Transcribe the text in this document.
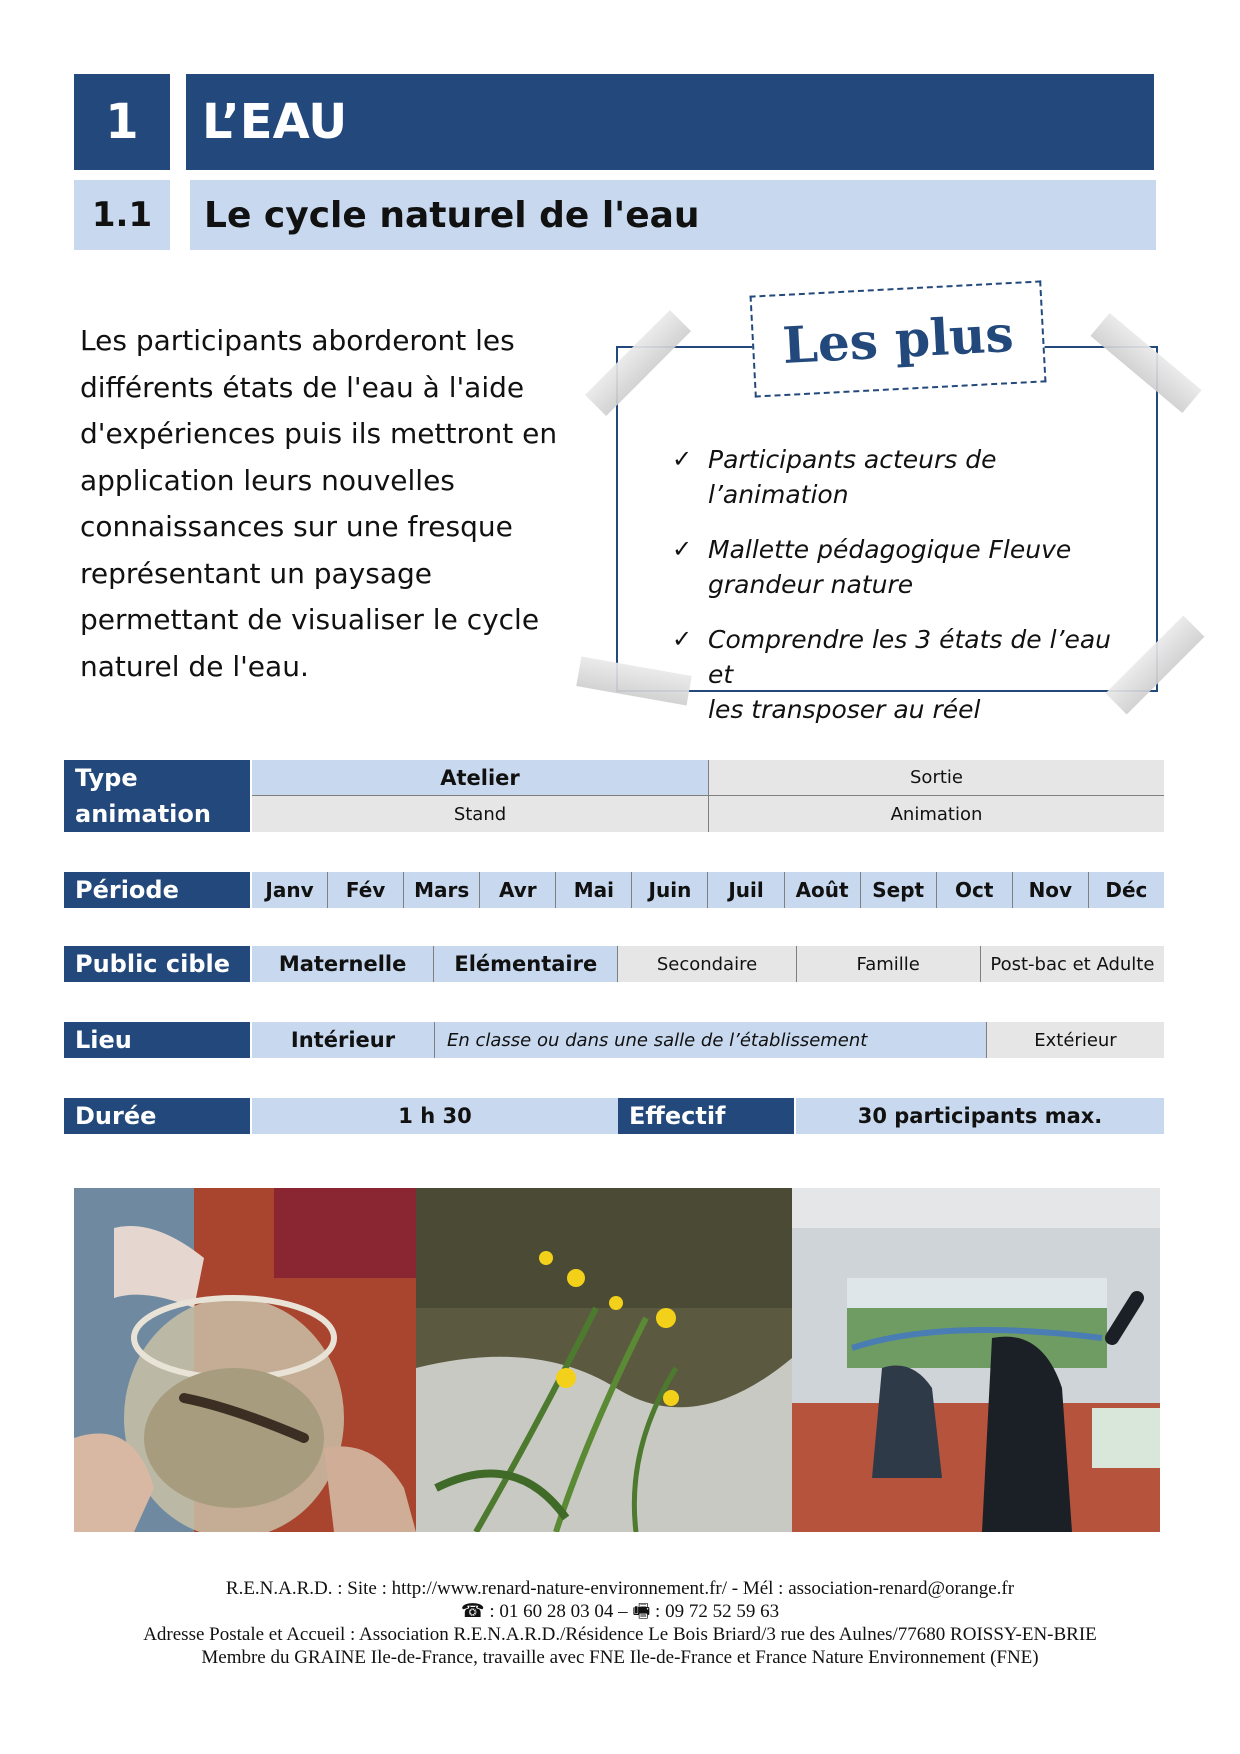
1	L’EAU
1.1	Le cycle naturel de l'eau
Les participants aborderont les
différents états de l'eau à l'aide
d'expériences puis ils mettront en
application leurs nouvelles
connaissances sur une fresque
représentant un paysage
permettant de visualiser le cycle
naturel de l'eau.
Les plus
✓ Participants acteurs de l’animation
✓ Mallette pédagogique Fleuve
grandeur nature
✓ Comprendre les 3 états de l’eau et
les transposer au réel
Type
animation
Atelier	Sortie
Stand	Animation
Période	Janv	Fév	Mars	Avr	Mai	Juin	Juil	Août	Sept	Oct	Nov	Déc
Public cible	Maternelle	Elémentaire	Secondaire	Famille	Post-bac et Adulte
Lieu	Intérieur	En classe ou dans une salle de l’établissement	Extérieur
Durée	1 h 30	Effectif	30 participants max.
R.E.N.A.R.D. : Site : http://www.renard-nature-environnement.fr/ - Mél : association-renard@orange.fr
☎ : 01 60 28 03 04 – 🖷 : 09 72 52 59 63
Adresse Postale et Accueil : Association R.E.N.A.R.D./Résidence Le Bois Briard/3 rue des Aulnes/77680 ROISSY-EN-BRIE
Membre du GRAINE Ile-de-France, travaille avec FNE Ile-de-France et France Nature Environnement (FNE)
